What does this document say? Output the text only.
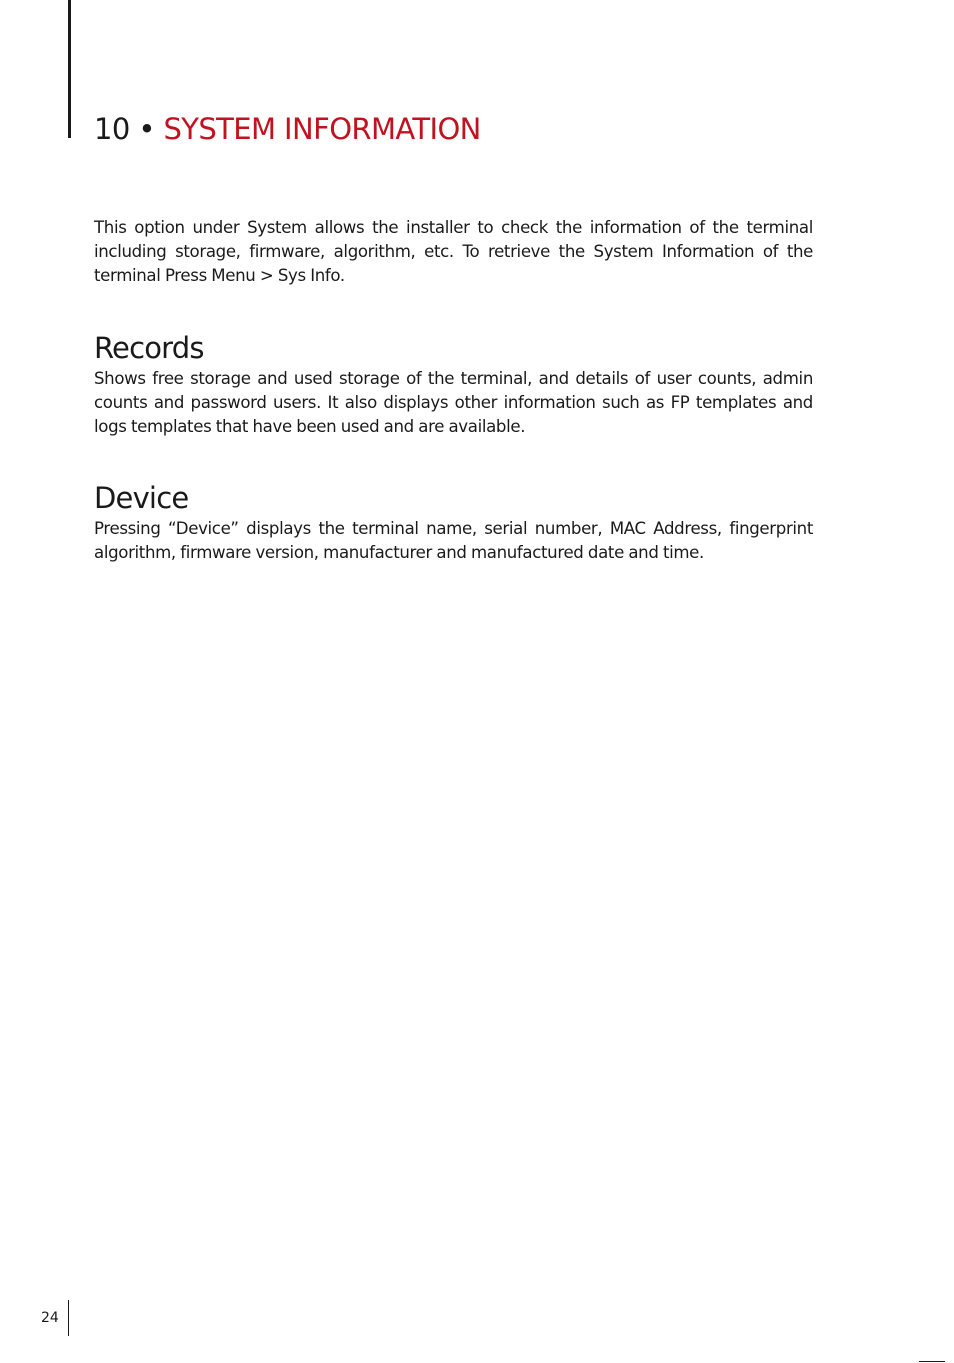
10 • SYSTEM INFORMATION

This option under System allows the installer to check the information of the terminal including storage, firmware, algorithm, etc. To retrieve the System Information of the terminal Press Menu > Sys Info.

Records

Shows free storage and used storage of the terminal, and details of user counts, admin counts and password users. It also displays other information such as FP templates and logs templates that have been used and are available.

Device

Pressing “Device” displays the terminal name, serial number, MAC Address, fingerprint algorithm, firmware version, manufacturer and manufactured date and time.

24
